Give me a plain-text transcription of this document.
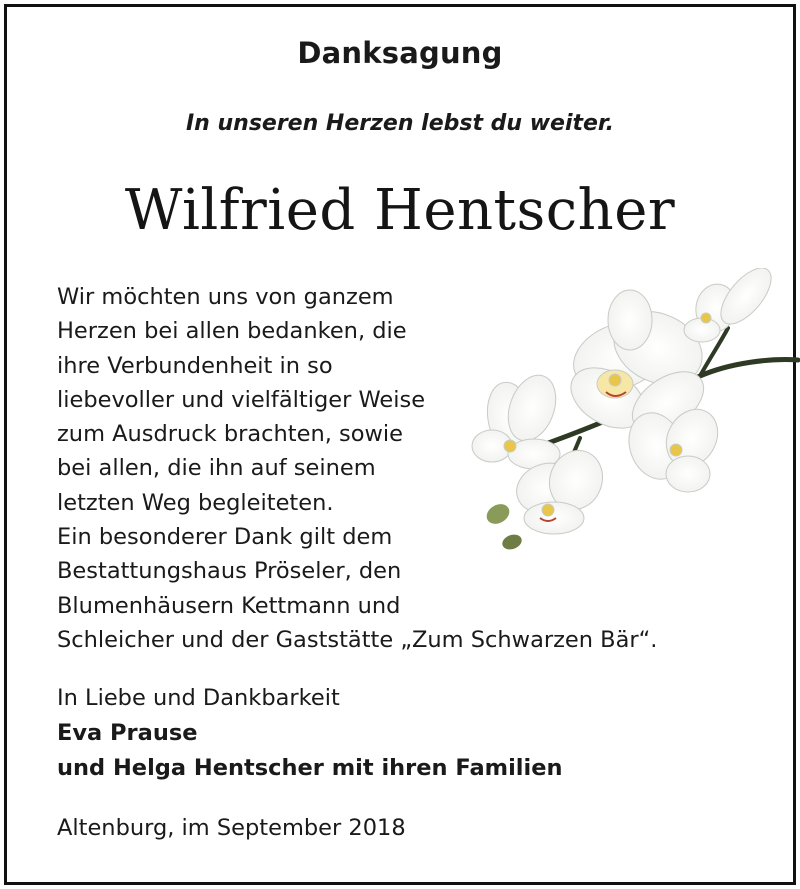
Danksagung
In unseren Herzen lebst du weiter.
Wilfried Hentscher
Wir möchten uns von ganzem
Herzen bei allen bedanken, die
ihre Verbundenheit in so
liebevoller und vielfältiger Weise
zum Ausdruck brachten, sowie
bei allen, die ihn auf seinem
letzten Weg begleiteten.
Ein besonderer Dank gilt dem
Bestattungshaus Pröseler, den
Blumenhäusern Kettmann und
Schleicher und der Gaststätte „Zum Schwarzen Bär“.
In Liebe und Dankbarkeit
Eva Prause
und Helga Hentscher mit ihren Familien
Altenburg, im September 2018
